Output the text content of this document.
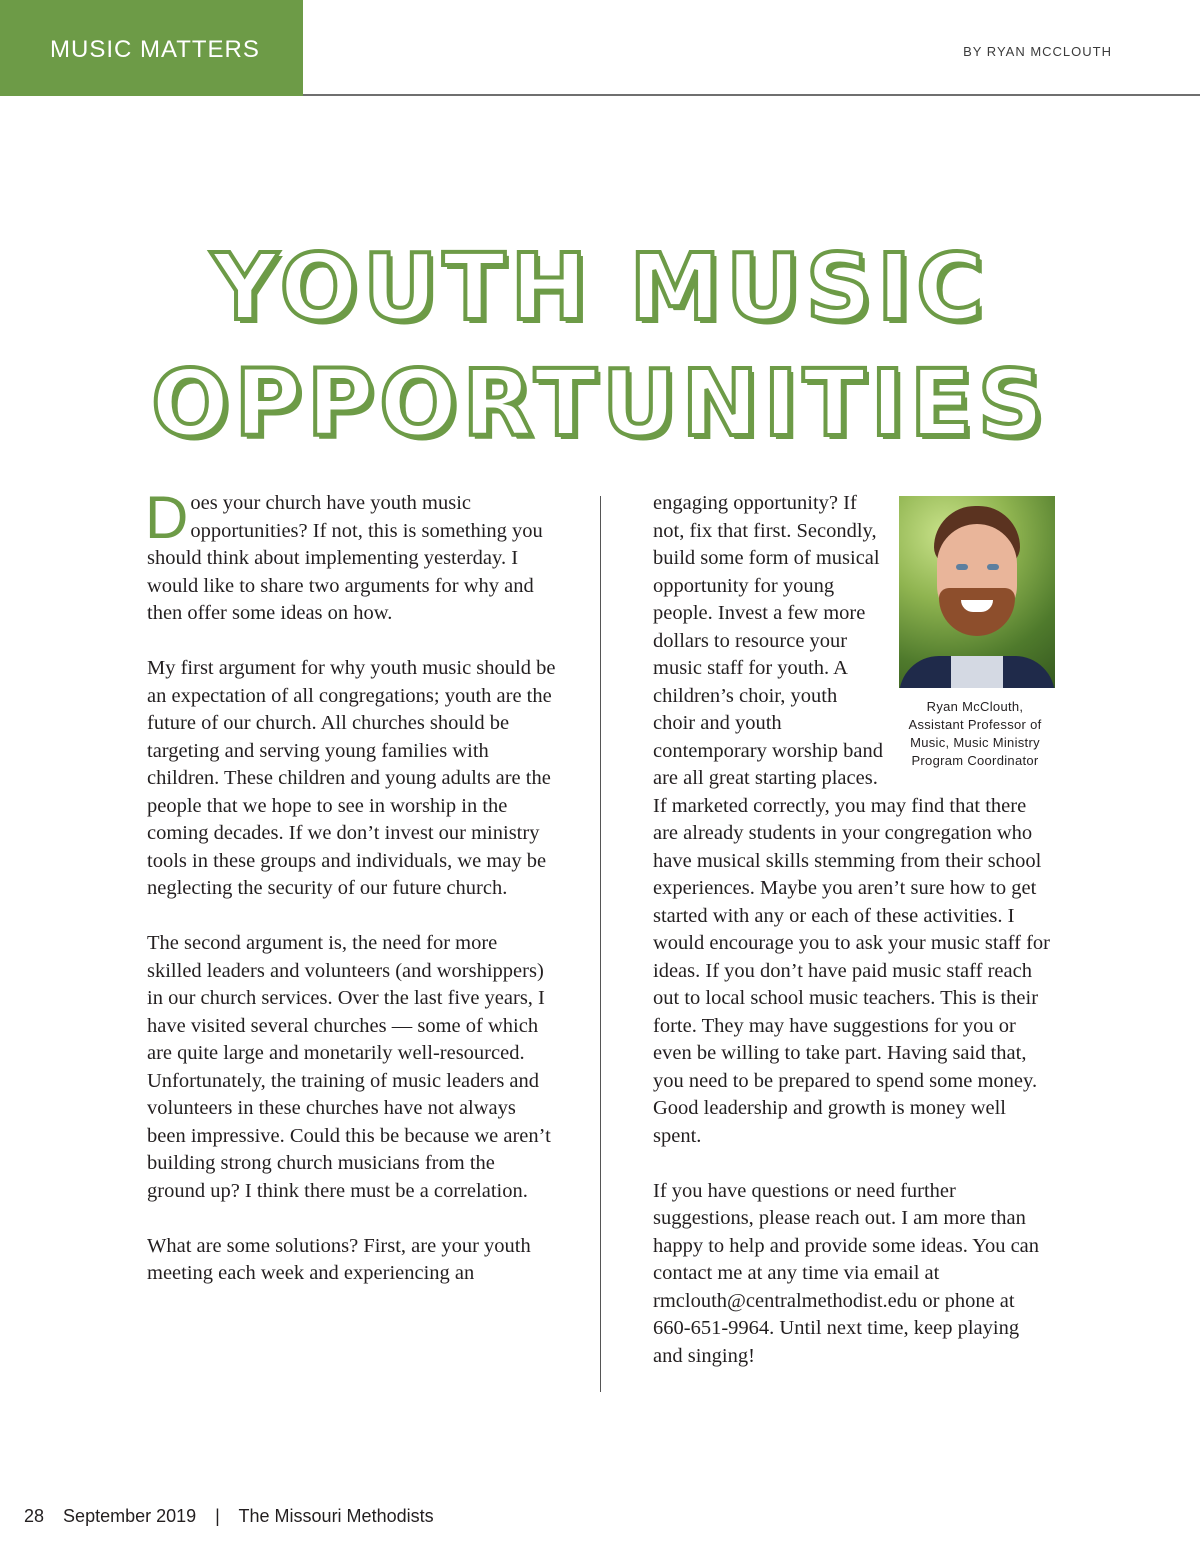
MUSIC MATTERS	BY RYAN MCCLOUTH
YOUTH MUSIC
OPPORTUNITIES

Does your church have youth music opportunities? If not, this is something you should think about implementing yesterday. I would like to share two arguments for why and then offer some ideas on how.

My first argument for why youth music should be an expectation of all congregations; youth are the future of our church. All churches should be targeting and serving young families with children. These children and young adults are the people that we hope to see in worship in the coming decades. If we don’t invest our ministry tools in these groups and individuals, we may be neglecting the security of our future church.

The second argument is, the need for more skilled leaders and volunteers (and worshippers) in our church services. Over the last five years, I have visited several churches — some of which are quite large and monetarily well-resourced. Unfortunately, the training of music leaders and volunteers in these churches have not always been impressive. Could this be because we aren’t building strong church musicians from the ground up? I think there must be a correlation.

What are some solutions? First, are your youth meeting each week and experiencing an

Ryan McClouth,
Assistant Professor of Music, Music Ministry Program Coordinator

engaging opportunity? If not, fix that first. Secondly, build some form of musical opportunity for young people. Invest a few more dollars to resource your music staff for youth. A children’s choir, youth choir and youth contemporary worship band are all great starting places. If marketed correctly, you may find that there are already students in your congregation who have musical skills stemming from their school experiences. Maybe you aren’t sure how to get started with any or each of these activities. I would encourage you to ask your music staff for ideas. If you don’t have paid music staff reach out to local school music teachers. This is their forte. They may have suggestions for you or even be willing to take part. Having said that, you need to be prepared to spend some money. Good leadership and growth is money well spent.

If you have questions or need further suggestions, please reach out. I am more than happy to help and provide some ideas. You can contact me at any time via email at rmclouth@centralmethodist.edu or phone at 660-651-9964. Until next time, keep playing and singing!

28 September 2019 | The Missouri Methodists
